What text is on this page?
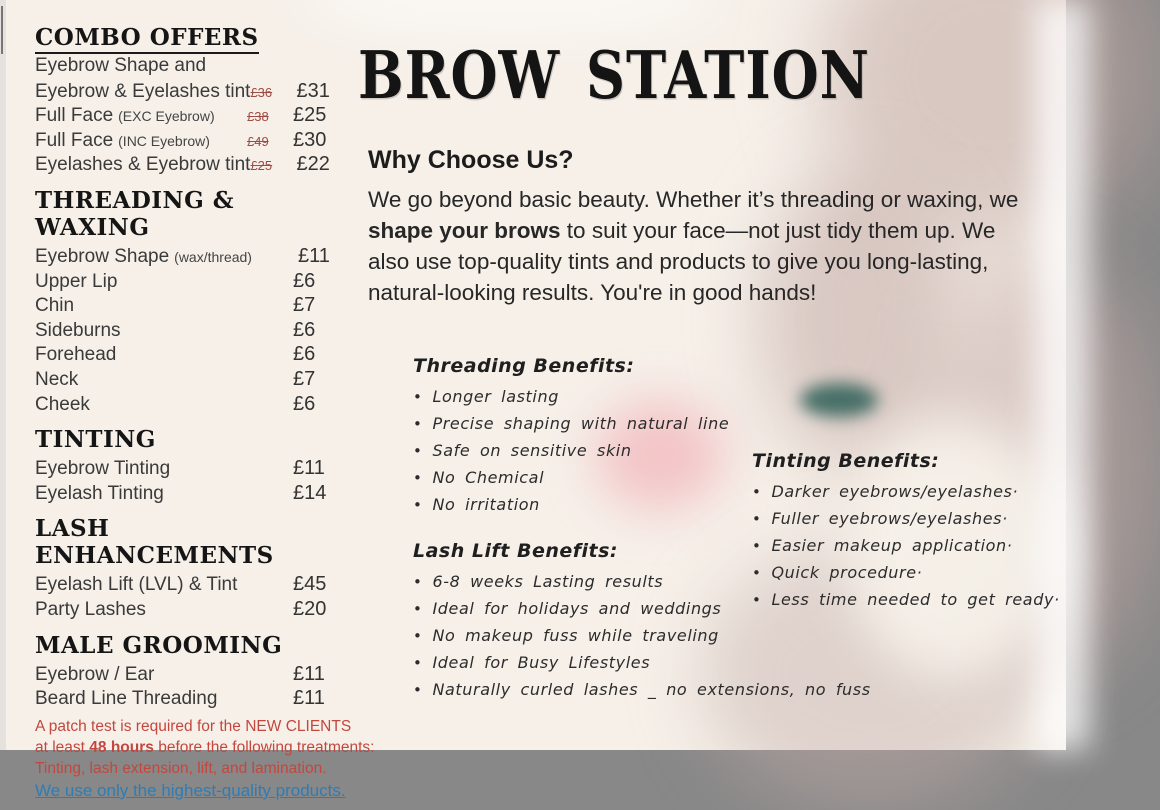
COMBO OFFERS
Eyebrow Shape and
Eyebrow & Eyelashes tint £36	£31
Full Face (EXC Eyebrow) £38	£25
Full Face (INC Eyebrow)	£49	£30
Eyelashes & Eyebrow tint £25	£22
THREADING & WAXING
Eyebrow Shape (wax/thread) £11
Upper Lip	£6
Chin	£7
Sideburns	£6
Forehead	£6
Neck	£7
Cheek	£6
TINTING
Eyebrow Tinting	£11
Eyelash Tinting	£14
LASH ENHANCEMENTS
Eyelash Lift (LVL) & Tint	£45
Party Lashes	£20
MALE GROOMING
Eyebrow / Ear	£11
Beard Line Threading	£11
A patch test is required for the NEW CLIENTS
at least 48 hours before the following treatments:
Tinting, lash extension, lift, and lamination.
We use only the highest-quality products.
BROW STATION
Why Choose Us?
We go beyond basic beauty. Whether it’s threading or waxing, we shape your brows to suit your face—not just tidy them up. We also use top-quality tints and products to give you long-lasting, natural-looking results. You're in good hands!
Threading Benefits:
• Longer lasting
• Precise shaping with natural line
• Safe on sensitive skin
• No Chemical
• No irritation
Tinting Benefits:
• Darker eyebrows/eyelashes·
• Fuller eyebrows/eyelashes·
• Easier makeup application·
• Quick procedure·
• Less time needed to get ready·
Lash Lift Benefits:
• 6-8 weeks Lasting results
• Ideal for holidays and weddings
• No makeup fuss while traveling
• Ideal for Busy Lifestyles
• Naturally curled lashes _ no extensions, no fuss
